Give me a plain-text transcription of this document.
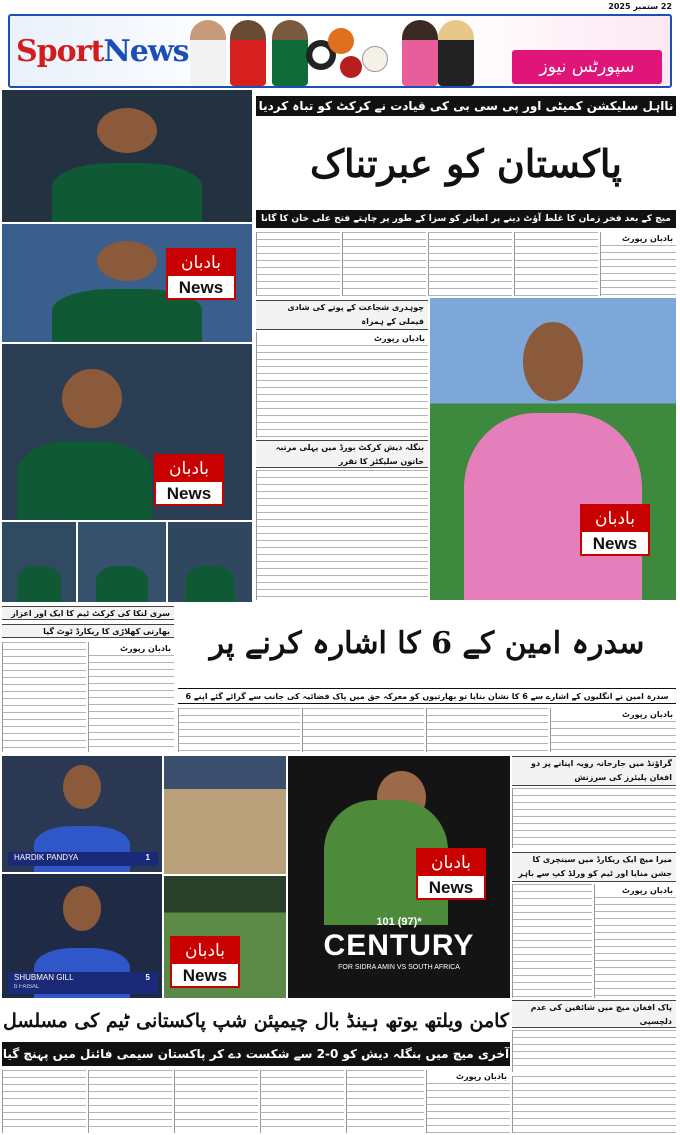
22 ستمبر 2025
SportNews	سپورٹس نیوز
بادبان
News
بادبان
News
نااہل سلیکشن کمیٹی اور پی سی بی کی قیادت نے کرکٹ کو تباہ کردیا
پاکستان کو عبرتناک
میچ کے بعد فخر زمان کا غلط آؤٹ دینے پر امپائر کو سزا کے طور پر چاہتے فتح علی خان کا گانا
بادبان رپورٹ
چوہدری شجاعت کے پوتے کی شادی فیملی کے ہمراہ
بادبان رپورٹ
بنگلہ دیش کرکٹ بورڈ میں پہلی مرتبہ خاتون سلیکٹر کا تقرر
بادبان
News
سری لنکا کی کرکٹ ٹیم کا ایک اور اعزاز
بھارتی کھلاڑی کا ریکارڈ ٹوٹ گیا
بادبان رپورٹ	سدرہ امین کے 6 کا اشارہ کرنے پر
سدرہ امین نے انگلیوں کے اشارے سے 6 کا نشان بنایا تو بھارتیوں کو معرکہ حق میں پاک فضائیہ کی جانب سے گرائے گئے اپنے 6
بادبان رپورٹ
HARDIK PANDYA	1
SHUBMAN GILL	5
b FAISAL
بادبان
News
بادبان
News
101 (97)*
CENTURY
FOR SIDRA AMIN VS SOUTH AFRICA
گراؤنڈ میں جارحانہ رویہ اپنانے پر دو افغان پلیئرز کی سرزنش
میرا میچ ایک ریکارڈ میں سینچری کا جشن منایا اور ٹیم کو ورلڈ کپ سے باہر
بادبان رپورٹ
پاک افغان میچ میں شائقین کی عدم دلچسپی
کامن ویلتھ یوتھ ہینڈ بال چیمپئن شپ پاکستانی ٹیم کی مسلسل
آخری میچ میں بنگلہ دیش کو 0-2 سے شکست دے کر پاکستان سیمی فائنل میں پہنچ گیا
بادبان رپورٹ
